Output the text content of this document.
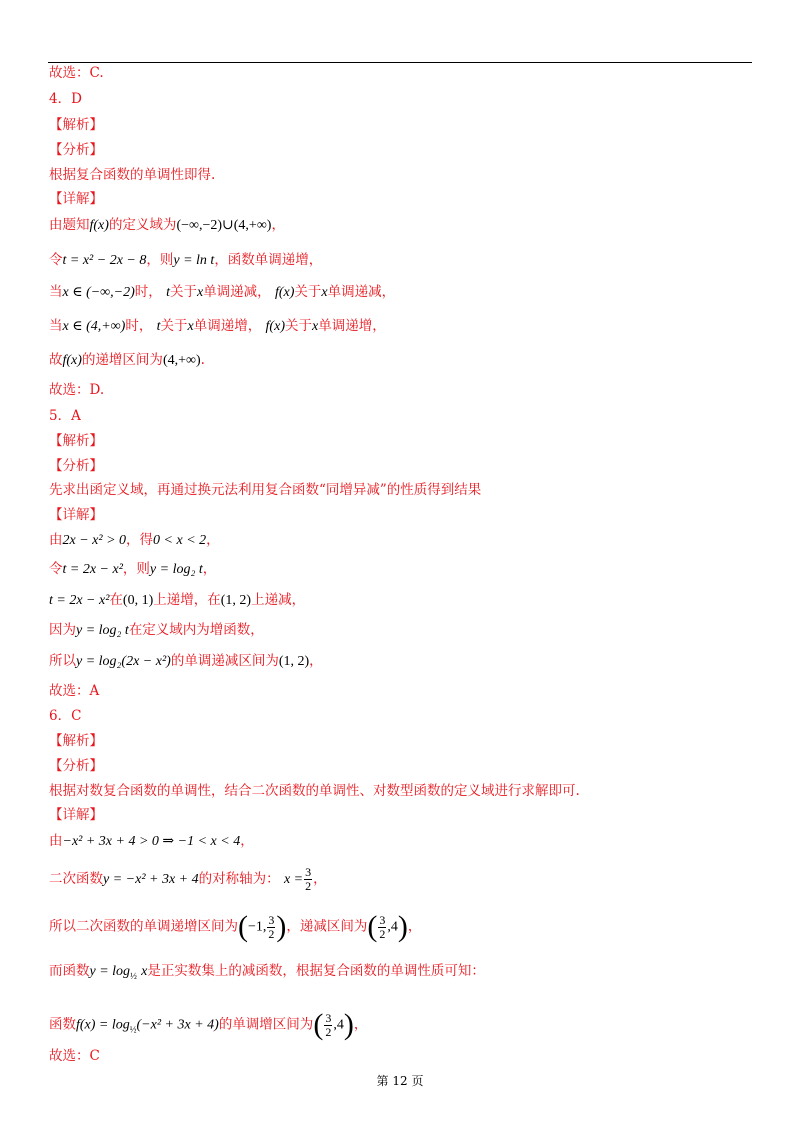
故选：C.
4．D
【解析】
【分析】
根据复合函数的单调性即得.
【详解】
由题知f(x)的定义域为(−∞,−2)∪(4,+∞)，
令t = x² − 2x − 8，则y = ln t，函数单调递增，
当x ∈ (−∞,−2)时， t关于x单调递减， f(x)关于x单调递减，
当x ∈ (4,+∞)时， t关于x单调递增， f(x)关于x单调递增，
故f(x)的递增区间为(4,+∞).
故选：D.
5．A
【解析】
【分析】
先求出函定义域，再通过换元法利用复合函数“同增异减”的性质得到结果
【详解】
由2x − x² > 0，得0 < x < 2，
令t = 2x − x²，则y = log₂ t，
t = 2x − x²在(0, 1)上递增，在(1, 2)上递减，
因为y = log₂ t在定义域内为增函数，
所以y = log₂(2x − x²)的单调递减区间为(1, 2)，
故选：A
6．C
【解析】
【分析】
根据对数复合函数的单调性，结合二次函数的单调性、对数型函数的定义域进行求解即可.
【详解】
由−x² + 3x + 4 > 0 ⇒ −1 < x < 4，
二次函数y = −x² + 3x + 4的对称轴为： $x = \frac{3}{2}$ ，
所以二次函数的单调递增区间为(−1, $\frac{3}{2}$ )，递减区间为( $\frac{3}{2} ,4$)，
而函数$y = \log_{\frac{1}{2}} x$是正实数集上的减函数，根据复合函数的单调性质可知：
函数$f(x) = \log_{\frac{1}{2}}(-x^2 + 3x + 4)$的单调增区间为( $\frac{3}{2} ,4$)，
故选：C
第 12 页
